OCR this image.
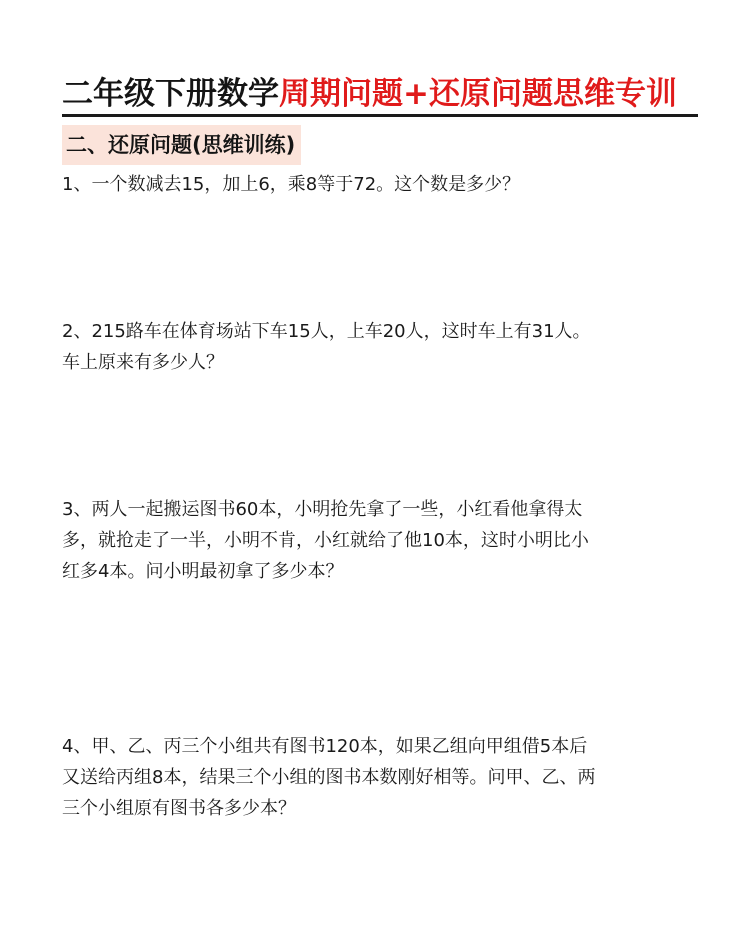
二年级下册数学周期问题+还原问题思维专训
二、还原问题(思维训练)
1、一个数减去15，加上6，乘8等于72。这个数是多少？
2、215路车在体育场站下车15人，上车20人，这时车上有31人。
车上原来有多少人？
3、两人一起搬运图书60本，小明抢先拿了一些，小红看他拿得太
多，就抢走了一半，小明不肯，小红就给了他10本，这时小明比小
红多4本。问小明最初拿了多少本？
4、甲、乙、丙三个小组共有图书120本，如果乙组向甲组借5本后
又送给丙组8本，结果三个小组的图书本数刚好相等。问甲、乙、两
三个小组原有图书各多少本？
